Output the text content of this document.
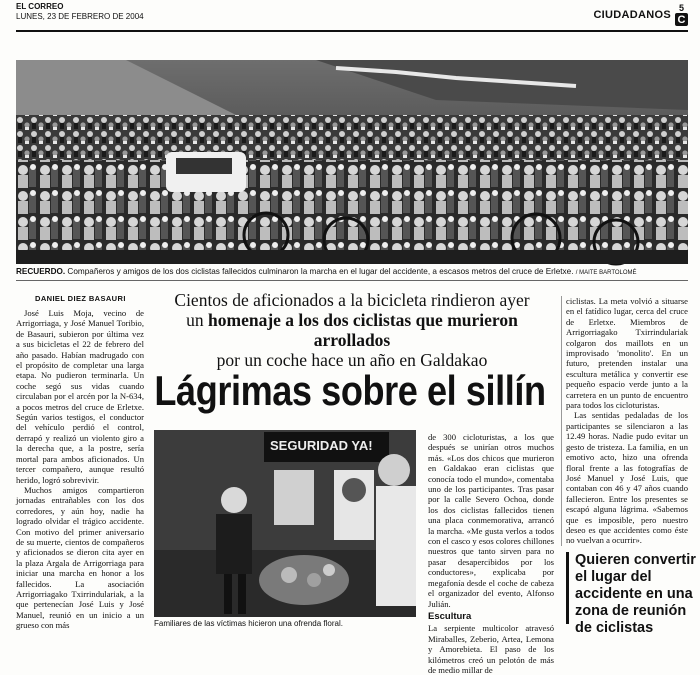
EL CORREO
LUNES, 23 DE FEBRERO DE 2004	CIUDADANOS
5
C
RECUERDO. Compañeros y amigos de los dos ciclistas fallecidos culminaron la marcha en el lugar del accidente, a escasos metros del cruce de Erletxe. / MAITE BARTOLOMÉ
DANIEL DIEZ BASAURI	Cientos de aficionados a la bicicleta rindieron ayer
un homenaje a los dos ciclistas que murieron arrollados
por un coche hace un año en Galdakao
Lágrimas sobre el sillín

José Luis Moja, vecino de Arrigorriaga, y José Manuel Toribio, de Basauri, subieron por última vez a sus bicicletas el 22 de febrero del año pasado. Habían madrugado con el propósito de completar una larga etapa. No pudieron terminarla. Un coche segó sus vidas cuando circulaban por el arcén por la N-634, a pocos metros del cruce de Erletxe. Según varios testigos, el conductor del vehículo perdió el control, derrapó y realizó un violento giro a la derecha que, a la postre, sería mortal para ambos aficionados. Un tercer compañero, aunque resultó herido, logró sobrevivir.

Muchos amigos compartieron jornadas entrañables con los dos corredores, y aún hoy, nadie ha logrado olvidar el trágico accidente. Con motivo del primer aniversario de su muerte, cientos de compañeros y aficionados se dieron cita ayer en la plaza Argala de Arrigorriaga para iniciar una marcha en honor a los fallecidos. La asociación Arrigorriagako Txirrindulariak, a la que pertenecían José Luis y José Manuel, reunió en un inicio a un grueso con más

SEGURIDAD YA!
Familiares de las víctimas hicieron una ofrenda floral.

de 300 cicloturistas, a los que después se unirían otros muchos más. «Los dos chicos que murieron en Galdakao eran ciclistas que conocía todo el mundo», comentaba uno de los participantes. Tras pasar por la calle Severo Ochoa, donde los dos ciclistas fallecidos tienen una placa conmemorativa, arrancó la marcha. «Me gusta verlos a todos con el casco y esos colores chillones nuestros que tanto sirven para no pasar desapercibidos por los conductores», explicaba por megafonía desde el coche de cabeza el organizador del evento, Alfonso Julián.

Escultura

La serpiente multicolor atravesó Miraballes, Zeberio, Artea, Lemona y Amorebieta. El paso de los kilómetros creó un pelotón de más de medio millar de

ciclistas. La meta volvió a situarse en el fatídico lugar, cerca del cruce de Erletxe. Miembros de Arrigorriagako Txirrindulariak colgaron dos maillots en un improvisado 'monolito'. En un futuro, pretenden instalar una escultura metálica y convertir ese pequeño espacio verde junto a la carretera en un punto de encuentro para todos los cicloturistas.

Las sentidas pedaladas de los participantes se silenciaron a las 12.49 horas. Nadie pudo evitar un gesto de tristeza. La familia, en un emotivo acto, hizo una ofrenda floral frente a las fotografías de José Manuel y José Luis, que contaban con 46 y 47 años cuando fallecieron. Entre los presentes se escapó alguna lágrima. «Sabemos que es imposible, pero nuestro deseo es que accidentes como éste no vuelvan a ocurrir».

Quieren convertir el lugar del accidente en una zona de reunión de ciclistas
